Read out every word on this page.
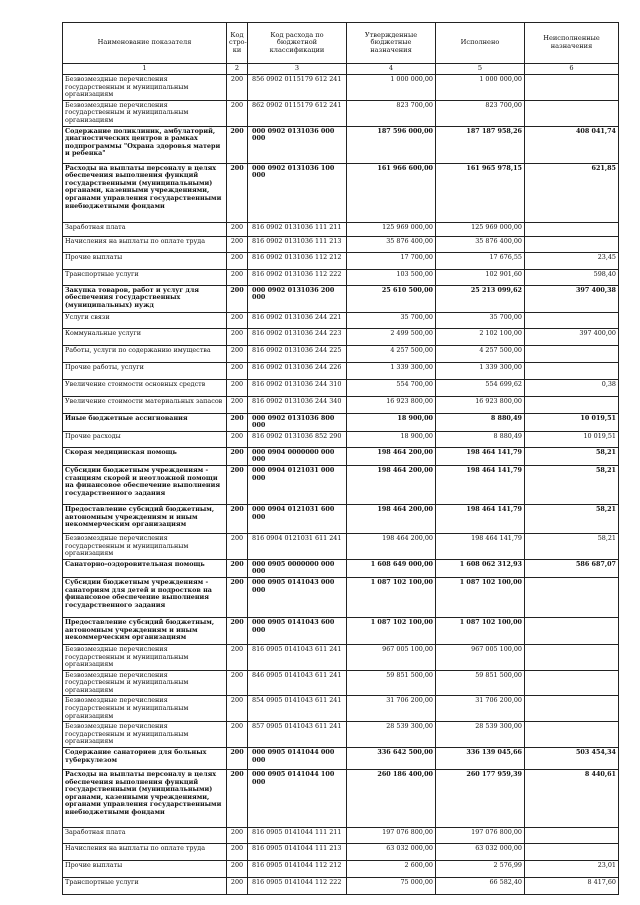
Наименование показателя	Код стро-ки	Код расхода по бюджетной классификации	Утвержденные бюджетные назначения	Исполнено	Неисполненные назначения
1	2	3	4	5	6
Безвозмездные перечисления государственным и муниципальным организациям	200	856 0902 0115179 612 241	1 000 000,00	1 000 000,00	
Безвозмездные перечисления государственным и муниципальным организациям	200	862 0902 0115179 612 241	823 700,00	823 700,00	
Содержание поликлиник, амбулаторий, диагностических центров в рамках подпрограммы "Охрана здоровья матери и ребенка"	200	000 0902 0131036 000 000	187 596 000,00	187 187 958,26	408 041,74
Расходы на выплаты персоналу в целях обеспечения выполнения функций государственными (муниципальными) органами, казенными учреждениями, органами управления государственными внебюджетными фондами	200	000 0902 0131036 100 000	161 966 600,00	161 965 978,15	621,85
Заработная плата	200	816 0902 0131036 111 211	125 969 000,00	125 969 000,00	
Начисления на выплаты по оплате труда	200	816 0902 0131036 111 213	35 876 400,00	35 876 400,00	
Прочие выплаты	200	816 0902 0131036 112 212	17 700,00	17 676,55	23,45
Транспортные услуги	200	816 0902 0131036 112 222	103 500,00	102 901,60	598,40
Закупка товаров, работ и услуг для обеспечения государственных (муниципальных) нужд	200	000 0902 0131036 200 000	25 610 500,00	25 213 099,62	397 400,38
Услуги связи	200	816 0902 0131036 244 221	35 700,00	35 700,00	
Коммунальные услуги	200	816 0902 0131036 244 223	2 499 500,00	2 102 100,00	397 400,00
Работы, услуги по содержанию имущества	200	816 0902 0131036 244 225	4 257 500,00	4 257 500,00	
Прочие работы, услуги	200	816 0902 0131036 244 226	1 339 300,00	1 339 300,00	
Увеличение стоимости основных средств	200	816 0902 0131036 244 310	554 700,00	554 699,62	0,38
Увеличение стоимости материальных запасов	200	816 0902 0131036 244 340	16 923 800,00	16 923 800,00	
Иные бюджетные ассигнования	200	000 0902 0131036 800 000	18 900,00	8 880,49	10 019,51
Прочие расходы	200	816 0902 0131036 852 290	18 900,00	8 880,49	10 019,51
Скорая медицинская помощь	200	000 0904 0000000 000 000	198 464 200,00	198 464 141,79	58,21
Субсидии бюджетным учреждениям - станциям скорой и неотложной помощи на финансовое обеспечение выполнения государственного задания	200	000 0904 0121031 000 000	198 464 200,00	198 464 141,79	58,21
Предоставление субсидий бюджетным, автономным учреждениям и иным некоммерческим организациям	200	000 0904 0121031 600 000	198 464 200,00	198 464 141,79	58,21
Безвозмездные перечисления государственным и муниципальным организациям	200	816 0904 0121031 611 241	198 464 200,00	198 464 141,79	58,21
Санаторно-оздоровительная помощь	200	000 0905 0000000 000 000	1 608 649 000,00	1 608 062 312,93	586 687,07
Субсидии бюджетным учреждениям - санаториям для детей и подростков на финансовое обеспечение выполнения государственного задания	200	000 0905 0141043 000 000	1 087 102 100,00	1 087 102 100,00	
Предоставление субсидий бюджетным, автономным учреждениям и иным некоммерческим организациям	200	000 0905 0141043 600 000	1 087 102 100,00	1 087 102 100,00	
Безвозмездные перечисления государственным и муниципальным организациям	200	816 0905 0141043 611 241	967 005 100,00	967 005 100,00	
Безвозмездные перечисления государственным и муниципальным организациям	200	846 0905 0141043 611 241	59 851 500,00	59 851 500,00	
Безвозмездные перечисления государственным и муниципальным организациям	200	854 0905 0141043 611 241	31 706 200,00	31 706 200,00	
Безвозмездные перечисления государственным и муниципальным организациям	200	857 0905 0141043 611 241	28 539 300,00	28 539 300,00	
Содержание санаториев для больных туберкулезом	200	000 0905 0141044 000 000	336 642 500,00	336 139 045,66	503 454,34
Расходы на выплаты персоналу в целях обеспечения выполнения функций государственными (муниципальными) органами, казенными учреждениями, органами управления государственными внебюджетными фондами	200	000 0905 0141044 100 000	260 186 400,00	260 177 959,39	8 440,61
Заработная плата	200	816 0905 0141044 111 211	197 076 800,00	197 076 800,00	
Начисления на выплаты по оплате труда	200	816 0905 0141044 111 213	63 032 000,00	63 032 000,00	
Прочие выплаты	200	816 0905 0141044 112 212	2 600,00	2 576,99	23,01
Транспортные услуги	200	816 0905 0141044 112 222	75 000,00	66 582,40	8 417,60
